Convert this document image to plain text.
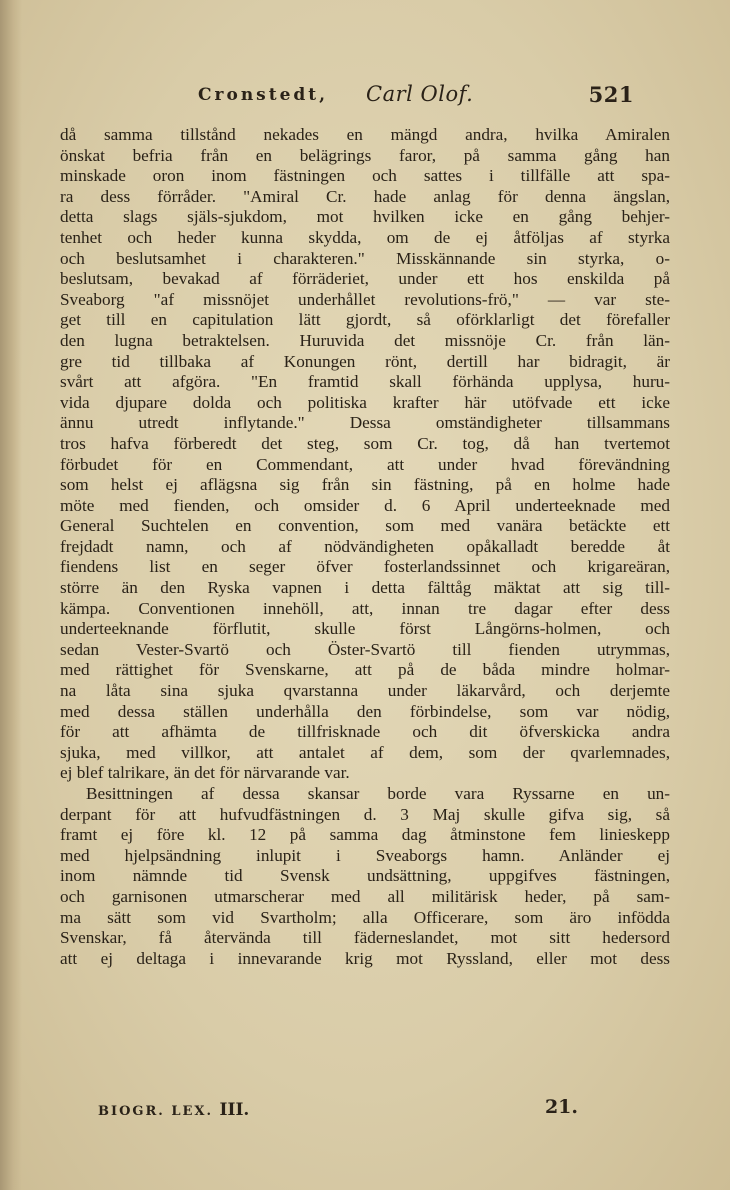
Cronstedt, Carl Olof.	521
då samma tillstånd nekades en mängd andra, hvilka Amiralen
önskat befria från en belägrings faror, på samma gång han
minskade oron inom fästningen och sattes i tillfälle att spa-
ra dess förråder. "Amiral Cr. hade anlag för denna ängslan,
detta slags själs-sjukdom, mot hvilken icke en gång behjer-
tenhet och heder kunna skydda, om de ej åtföljas af styrka
och beslutsamhet i charakteren." Misskännande sin styrka, o-
beslutsam, bevakad af förräderiet, under ett hos enskilda på
Sveaborg "af missnöjet underhållet revolutions-frö," — var ste-
get till en capitulation lätt gjordt, så oförklarligt det förefaller
den lugna betraktelsen. Huruvida det missnöje Cr. från län-
gre tid tillbaka af Konungen rönt, dertill har bidragit, är
svårt att afgöra. "En framtid skall förhända upplysa, huru-
vida djupare dolda och politiska krafter här utöfvade ett icke
ännu utredt inflytande." Dessa omständigheter tillsammans
tros hafva förberedt det steg, som Cr. tog, då han tvertemot
förbudet för en Commendant, att under hvad förevändning
som helst ej aflägsna sig från sin fästning, på en holme hade
möte med fienden, och omsider d. 6 April underteeknade med
General Suchtelen en convention, som med vanära betäckte ett
frejdadt namn, och af nödvändigheten opåkalladt beredde åt
fiendens list en seger öfver fosterlandssinnet och krigareäran,
större än den Ryska vapnen i detta fälttåg mäktat att sig till-
kämpa. Conventionen innehöll, att, innan tre dagar efter dess
underteeknande förflutit, skulle först Långörns-holmen, och
sedan Vester-Svartö och Öster-Svartö till fienden utrymmas,
med rättighet för Svenskarne, att på de båda mindre holmar-
na låta sina sjuka qvarstanna under läkarvård, och derjemte
med dessa ställen underhålla den förbindelse, som var nödig,
för att afhämta de tillfrisknade och dit öfverskicka andra
sjuka, med villkor, att antalet af dem, som der qvarlemnades,
ej blef talrikare, än det för närvarande var.
Besittningen af dessa skansar borde vara Ryssarne en un-
derpant för att hufvudfästningen d. 3 Maj skulle gifva sig, så
framt ej före kl. 12 på samma dag åtminstone fem linieskepp
med hjelpsändning inlupit i Sveaborgs hamn. Anländer ej
inom nämnde tid Svensk undsättning, uppgifves fästningen,
och garnisonen utmarscherar med all militärisk heder, på sam-
ma sätt som vid Svartholm; alla Officerare, som äro infödda
Svenskar, få återvända till fäderneslandet, mot sitt hedersord
att ej deltaga i innevarande krig mot Ryssland, eller mot dess
BIOGR. LEX. III.	21.
